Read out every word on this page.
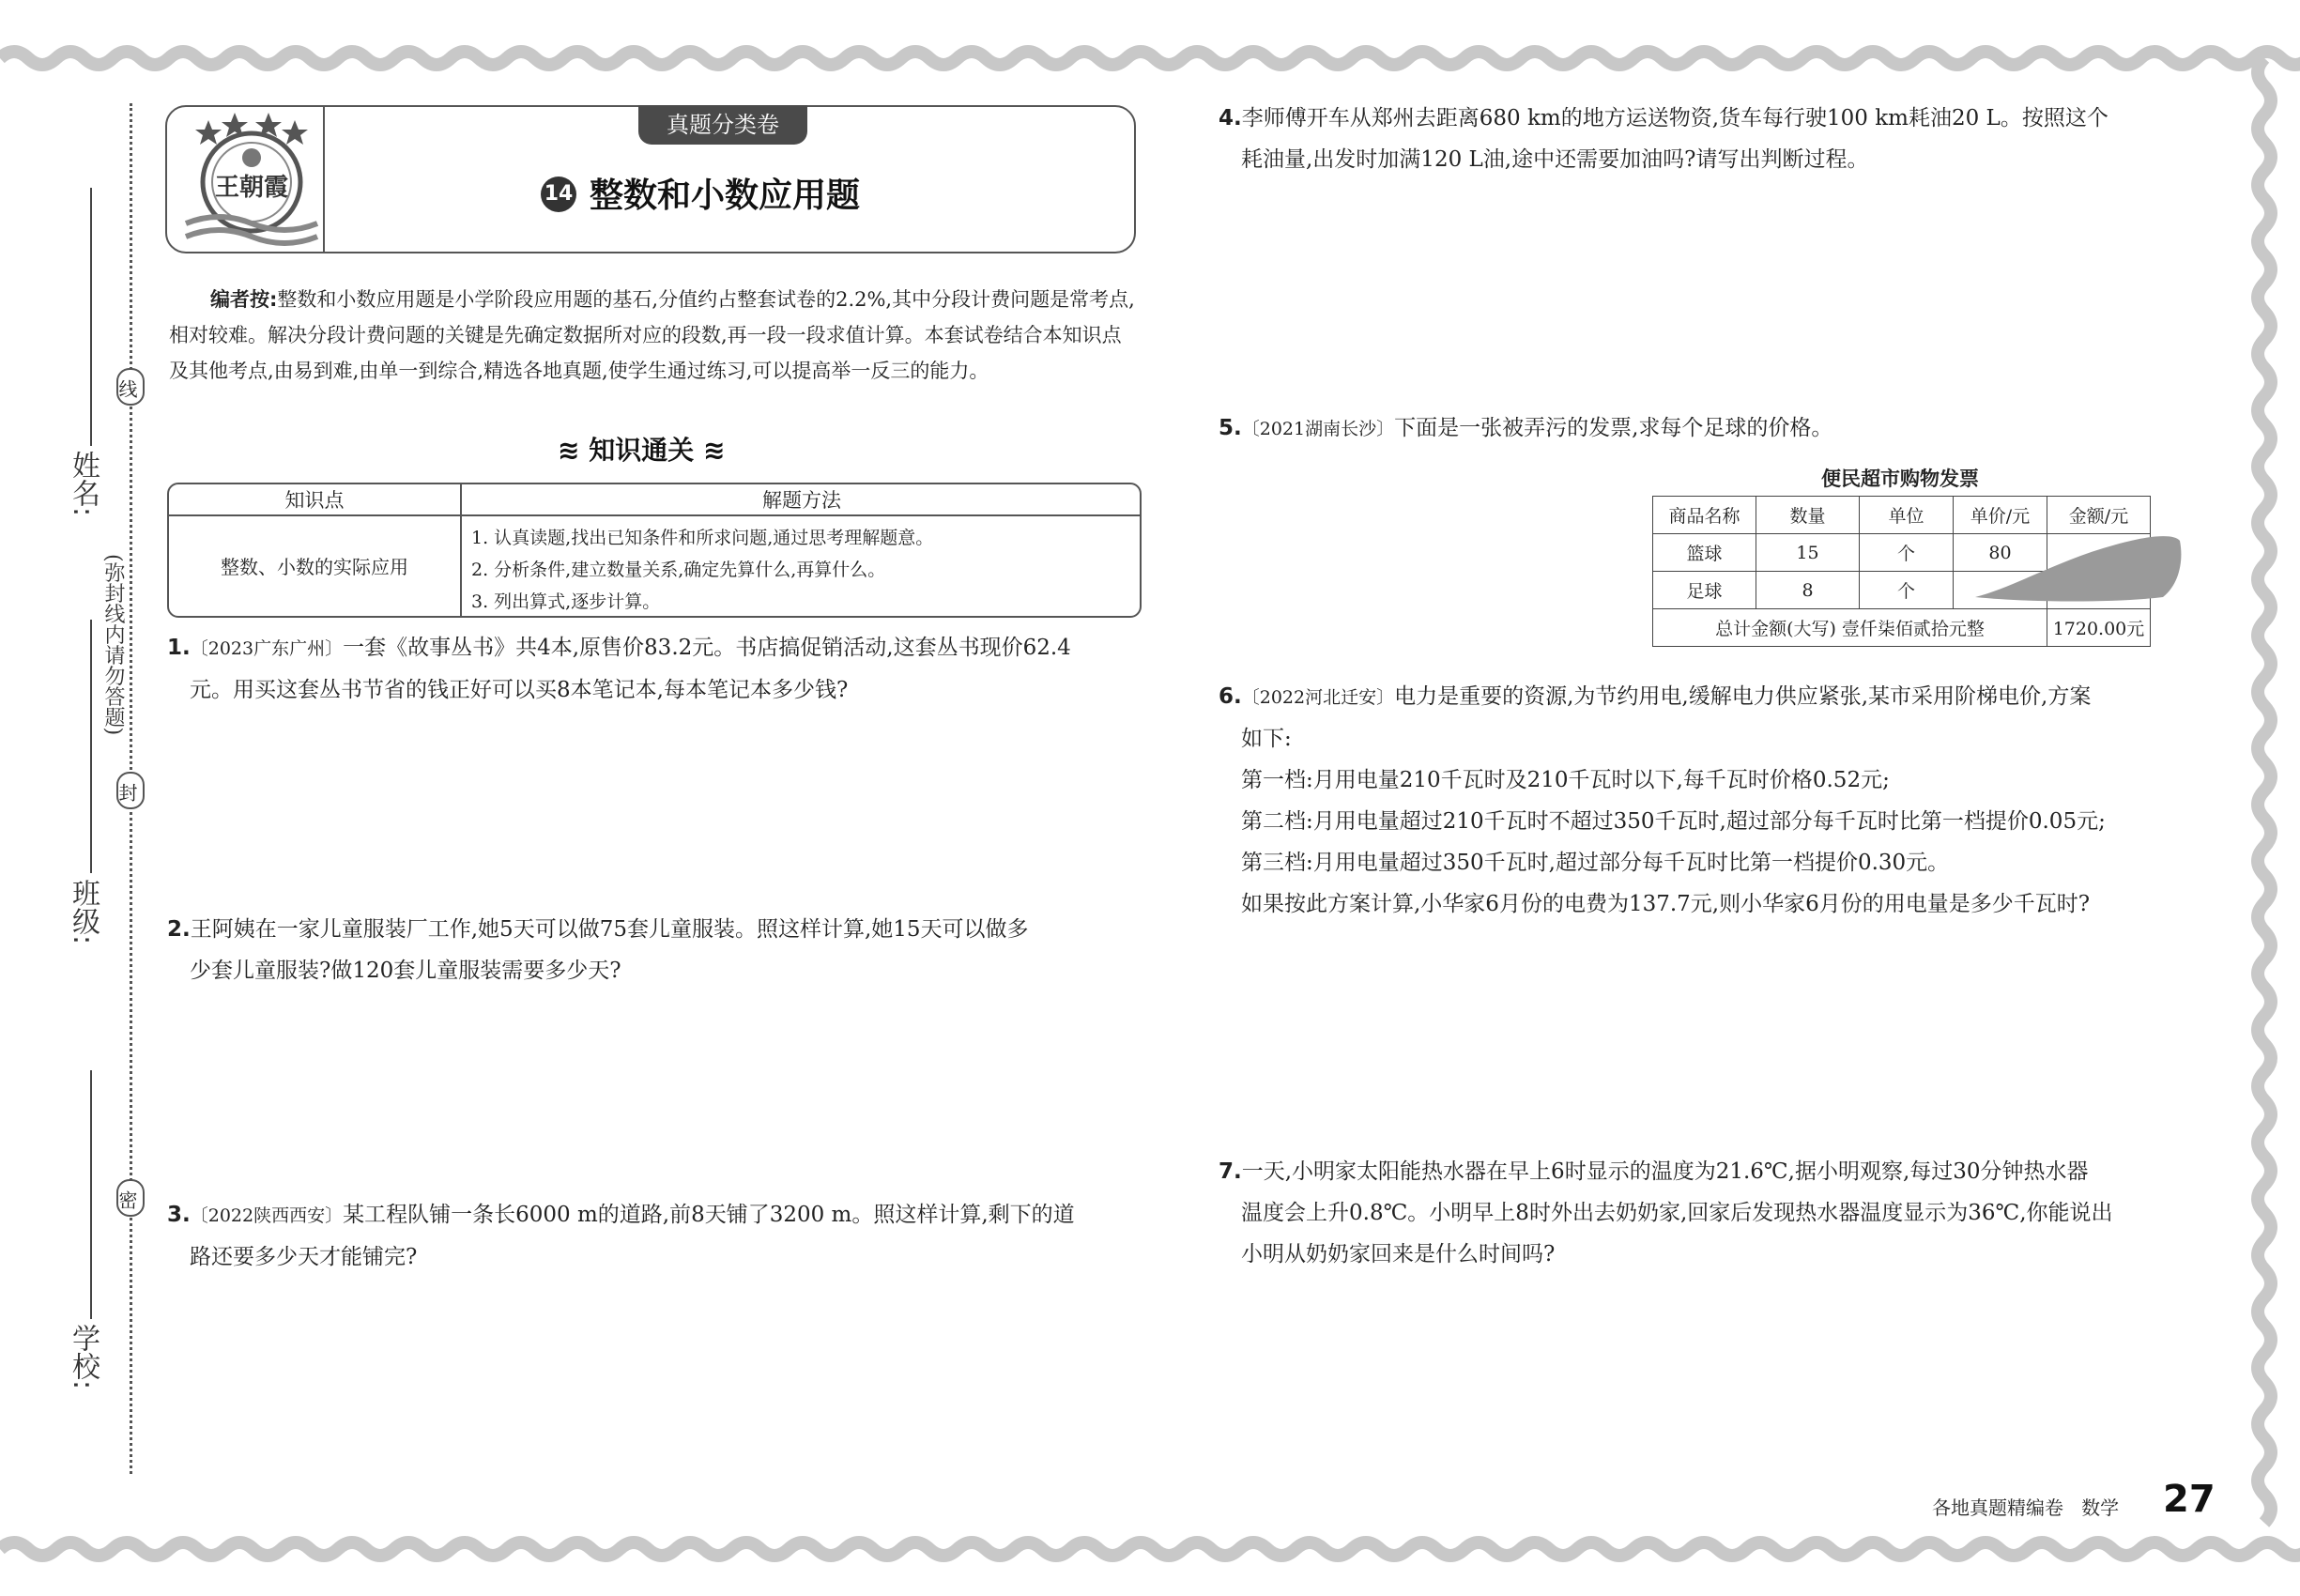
姓名:
班级:
学校:
线
封
密
(弥封线内请勿答题)
王朝霞
真题分类卷
14 整数和小数应用题
编者按:整数和小数应用题是小学阶段应用题的基石,分值约占整套试卷的2.2%,其中分段计费问题是常考点,相对较难。解决分段计费问题的关键是先确定数据所对应的段数,再一段一段求值计算。本套试卷结合本知识点及其他考点,由易到难,由单一到综合,精选各地真题,使学生通过练习,可以提高举一反三的能力。
≋ 知识通关 ≋
知识点	解题方法
整数、小数的实际应用
1. 认真读题,找出已知条件和所求问题,通过思考理解题意。
2. 分析条件,建立数量关系,确定先算什么,再算什么。
3. 列出算式,逐步计算。
1.〔2023广东广州〕一套《故事丛书》共4本,原售价83.2元。书店搞促销活动,这套丛书现价62.4
元。用买这套丛书节省的钱正好可以买8本笔记本,每本笔记本多少钱?
2.王阿姨在一家儿童服装厂工作,她5天可以做75套儿童服装。照这样计算,她15天可以做多
少套儿童服装?做120套儿童服装需要多少天?
3.〔2022陕西西安〕某工程队铺一条长6000 m的道路,前8天铺了3200 m。照这样计算,剩下的道
路还要多少天才能铺完?
4.李师傅开车从郑州去距离680 km的地方运送物资,货车每行驶100 km耗油20 L。按照这个
耗油量,出发时加满120 L油,途中还需要加油吗?请写出判断过程。
5.〔2021湖南长沙〕下面是一张被弄污的发票,求每个足球的价格。
便民超市购物发票
商品名称	数量	单位	单价/元	金额/元
篮球	15	个	80	
足球	8	个		
总计金额(大写) 壹仟柒佰贰拾元整				1720.00元
6.〔2022河北迁安〕电力是重要的资源,为节约用电,缓解电力供应紧张,某市采用阶梯电价,方案
如下:
第一档:月用电量210千瓦时及210千瓦时以下,每千瓦时价格0.52元;
第二档:月用电量超过210千瓦时不超过350千瓦时,超过部分每千瓦时比第一档提价0.05元;
第三档:月用电量超过350千瓦时,超过部分每千瓦时比第一档提价0.30元。
如果按此方案计算,小华家6月份的电费为137.7元,则小华家6月份的用电量是多少千瓦时?
7.一天,小明家太阳能热水器在早上6时显示的温度为21.6℃,据小明观察,每过30分钟热水器
温度会上升0.8℃。小明早上8时外出去奶奶家,回家后发现热水器温度显示为36℃,你能说出
小明从奶奶家回来是什么时间吗?
各地真题精编卷   数学 27
